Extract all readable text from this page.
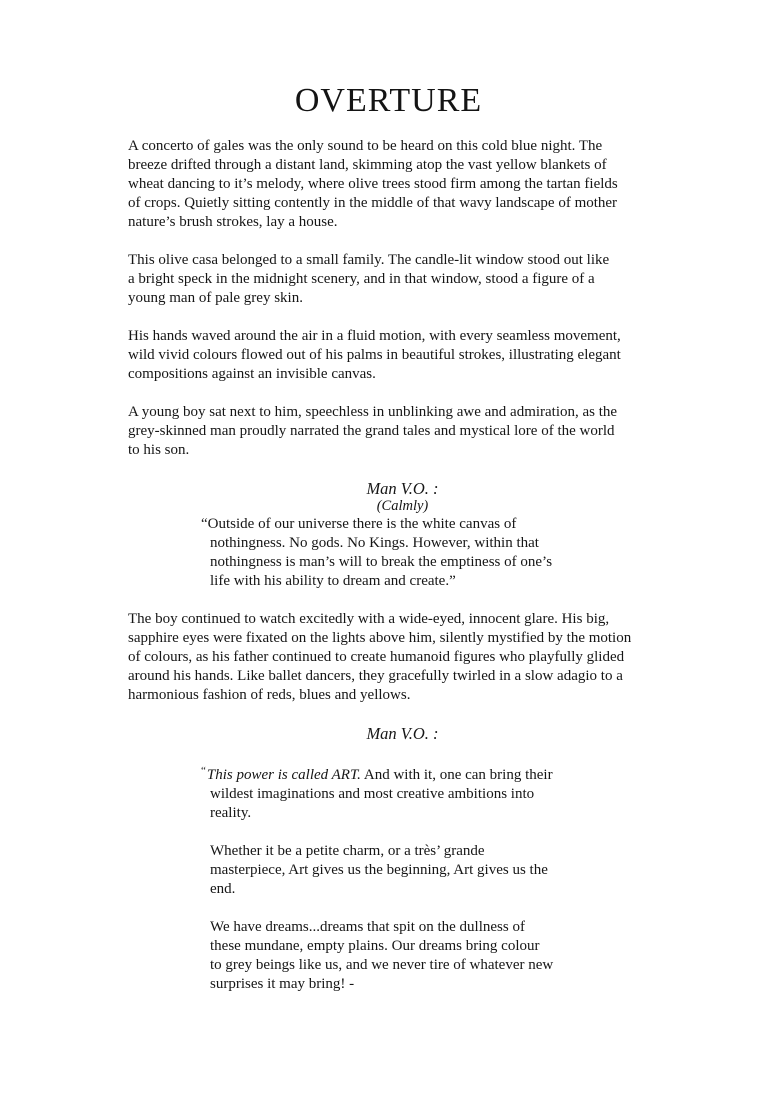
OVERTURE
A concerto of gales was the only sound to be heard on this cold blue night. The
breeze drifted through a distant land, skimming atop the vast yellow blankets of
wheat dancing to it’s melody, where olive trees stood firm among the tartan fields
of crops. Quietly sitting contently in the middle of that wavy landscape of mother
nature’s brush strokes, lay a house.
This olive casa belonged to a small family. The candle-lit window stood out like
a bright speck in the midnight scenery, and in that window, stood a figure of a
young man of pale grey skin.
His hands waved around the air in a fluid motion, with every seamless movement,
wild vivid colours flowed out of his palms in beautiful strokes, illustrating elegant
compositions against an invisible canvas.
A young boy sat next to him, speechless in unblinking awe and admiration, as the
grey-skinned man proudly narrated the grand tales and mystical lore of the world
to his son.
Man V.O. :
(Calmly)
“Outside of our universe there is the white canvas of
nothingness. No gods. No Kings. However, within that
nothingness is man’s will to break the emptiness of one’s
life with his ability to dream and create.”
The boy continued to watch excitedly with a wide-eyed, innocent glare. His big,
sapphire eyes were fixated on the lights above him, silently mystified by the motion
of colours, as his father continued to create humanoid figures who playfully glided
around his hands. Like ballet dancers, they gracefully twirled in a slow adagio to a
harmonious fashion of reds, blues and yellows.
Man V.O. :
“This power is called ART. And with it, one can bring their
wildest imaginations and most creative ambitions into
reality.
Whether it be a petite charm, or a très’ grande
masterpiece, Art gives us the beginning, Art gives us the
end.
We have dreams...dreams that spit on the dullness of
these mundane, empty plains. Our dreams bring colour
to grey beings like us, and we never tire of whatever new
surprises it may bring! -
